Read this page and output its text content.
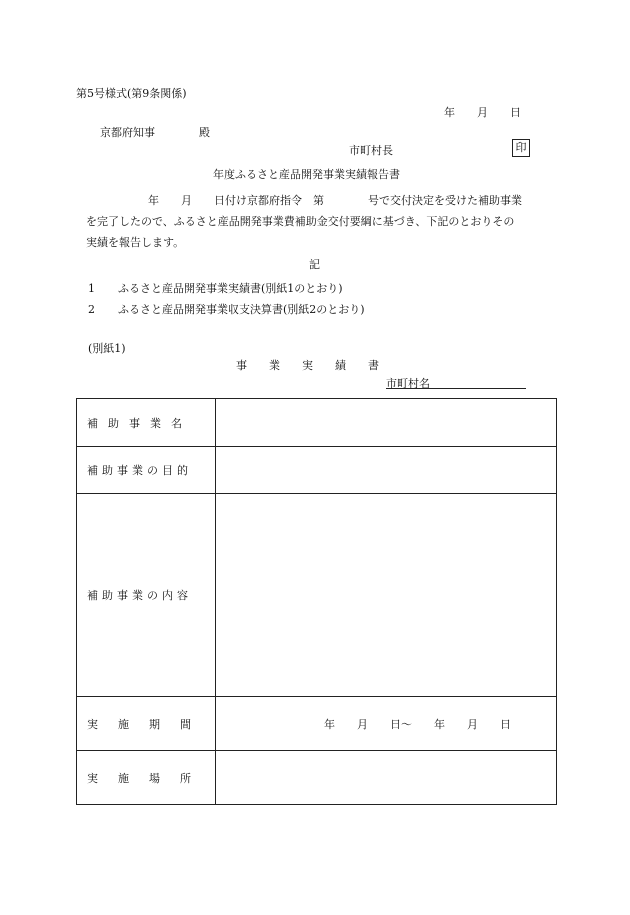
第5号様式(第9条関係)
年　　月　　日
京都府知事　　　　殿
市町村長	印
年度ふるさと産品開発事業実績報告書
年　　月　　日付け京都府指令　第　　　　号で交付決定を受けた補助事業
を完了したので、ふるさと産品開発事業費補助金交付要綱に基づき、下記のとおりその
実績を報告します。
記
1 ふるさと産品開発事業実績書(別紙1のとおり)
2 ふるさと産品開発事業収支決算書(別紙2のとおり)
(別紙1)
事　　業　　実　　績　　書
市町村名
補助事業名	
補助事業の目的	
補助事業の内容	
実施期間	年　　月　　日〜　　年　　月　　日
実施場所	
